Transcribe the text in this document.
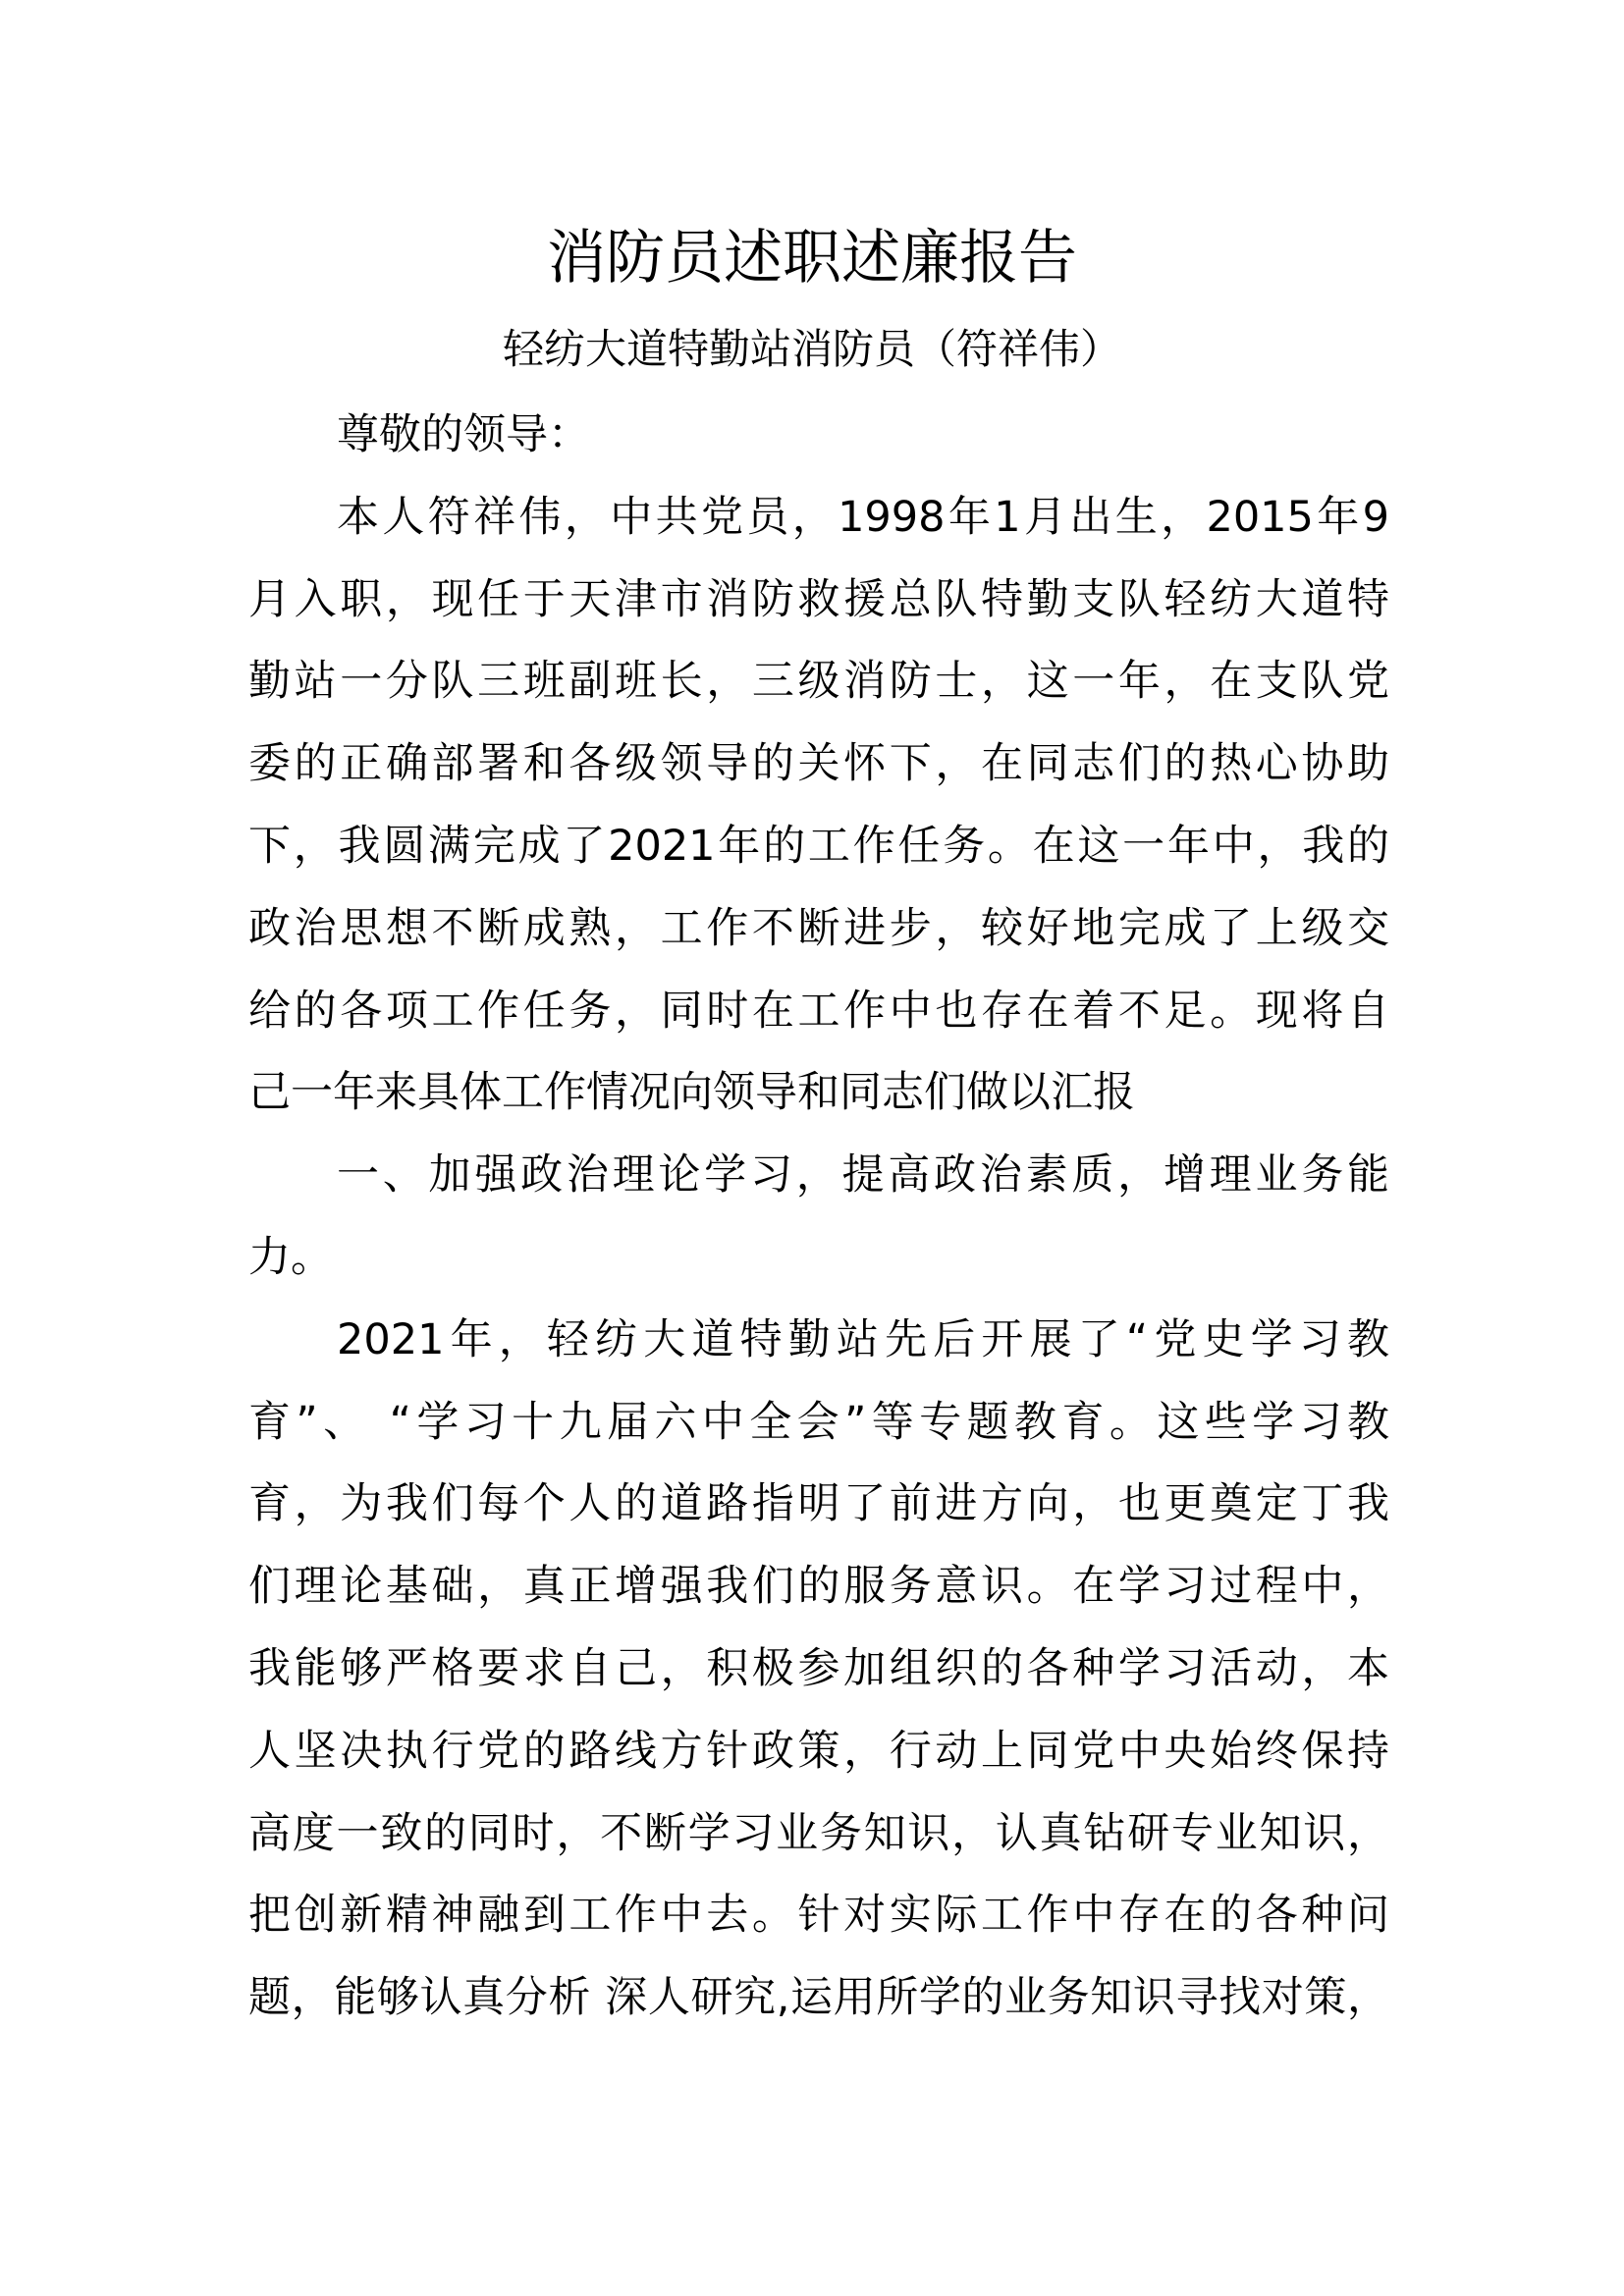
消防员述职述廉报告
轻纺大道特勤站消防员（符祥伟）
尊敬的领导：
本人符祥伟，中共党员，1998年1月出生，2015年9
月入职，现任于天津市消防救援总队特勤支队轻纺大道特
勤站一分队三班副班长，三级消防士，这一年，在支队党
委的正确部署和各级领导的关怀下，在同志们的热心协助
下，我圆满完成了2021年的工作任务。在这一年中，我的
政治思想不断成熟，工作不断进步，较好地完成了上级交
给的各项工作任务，同时在工作中也存在着不足。现将自
己一年来具体工作情况向领导和同志们做以汇报
一、加强政治理论学习，提高政治素质，增理业务能
力。
2021年，轻纺大道特勤站先后开展了“党史学习教
育”、 “学习十九届六中全会”等专题教育。这些学习教
育，为我们每个人的道路指明了前进方向，也更奠定丁我
们理论基础，真正增强我们的服务意识。在学习过程中，
我能够严格要求自己，积极参加组织的各种学习活动，本
人坚决执行党的路线方针政策，行动上同党中央始终保持
高度一致的同时，不断学习业务知识，认真钻研专业知识，
把创新精神融到工作中去。针对实际工作中存在的各种问
题，能够认真分析 深人研究,运用所学的业务知识寻找对策，
